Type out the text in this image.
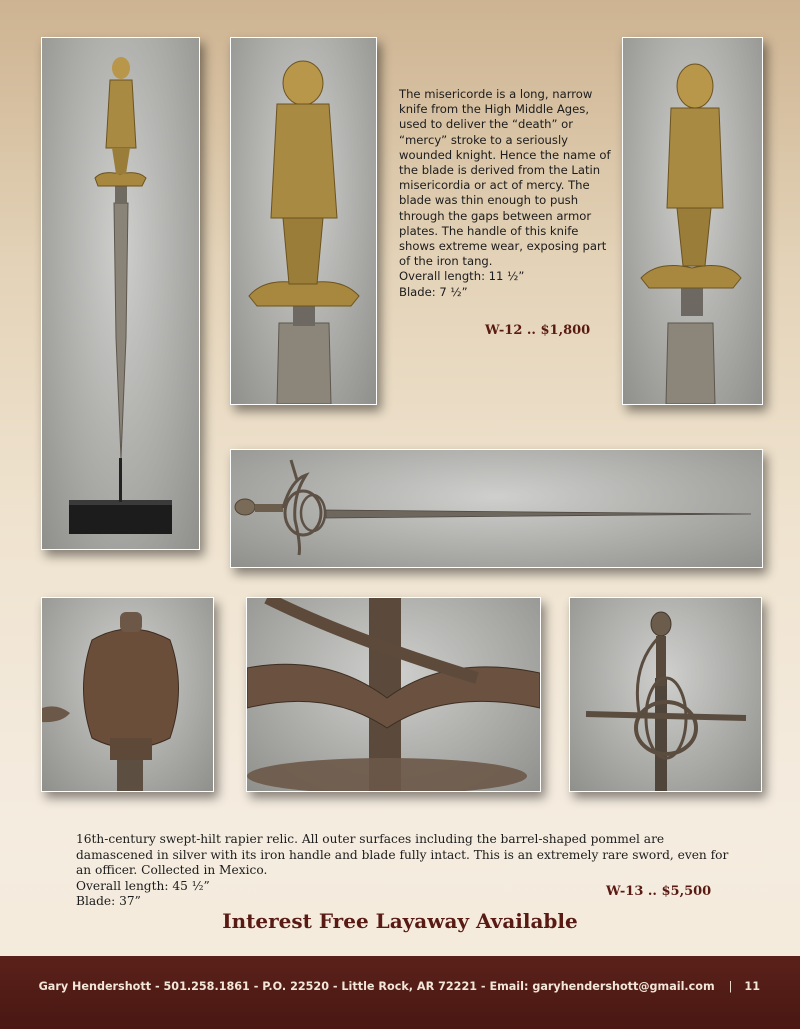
The misericorde is a long, narrow knife from the High Middle Ages, used to deliver the “death” or “mercy” stroke to a seriously wounded knight. Hence the name of the blade is derived from the Latin misericordia or act of mercy. The blade was thin enough to push through the gaps between armor plates. The handle of this knife shows extreme wear, exposing part of the iron tang.

Overall length: 11 ½”

Blade: 7 ½”

W-12 .. $1,800

16th-century swept-hilt rapier relic. All outer surfaces including the barrel-shaped pommel are damascened in silver with its iron handle and blade fully intact. This is an extremely rare sword, even for an officer. Collected in Mexico.

Overall length: 45 ½”

Blade: 37”

W-13 .. $5,500
Interest Free Layaway Available
Gary Hendershott - 501.258.1861 - P.O. 22520 - Little Rock, AR 72221 - Email: garyhendershott@gmail.com | 11
